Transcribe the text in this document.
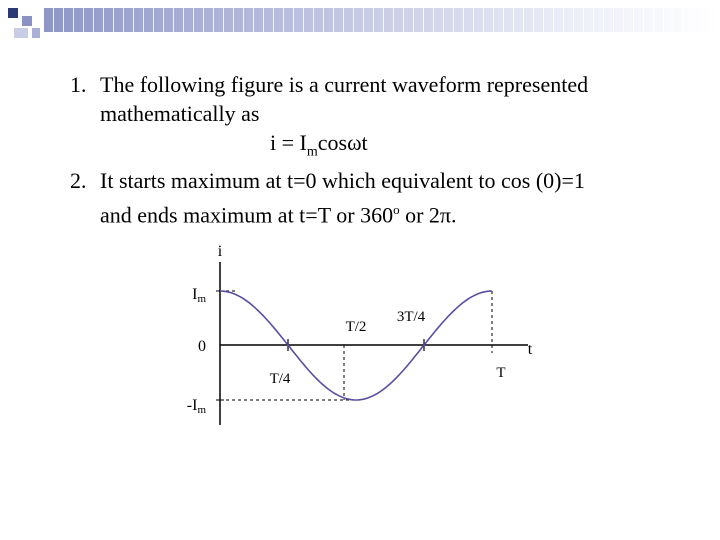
1. The following figure is a current waveform represented
mathematically as
$i = I_m\cos\omega t$
2. It starts maximum at t=0 which equivalent to cos (0)=1
and ends maximum at t=T or 360$^o$ or 2π.
i
t
Im
0
-Im
T/4
T/2
3T/4
T
